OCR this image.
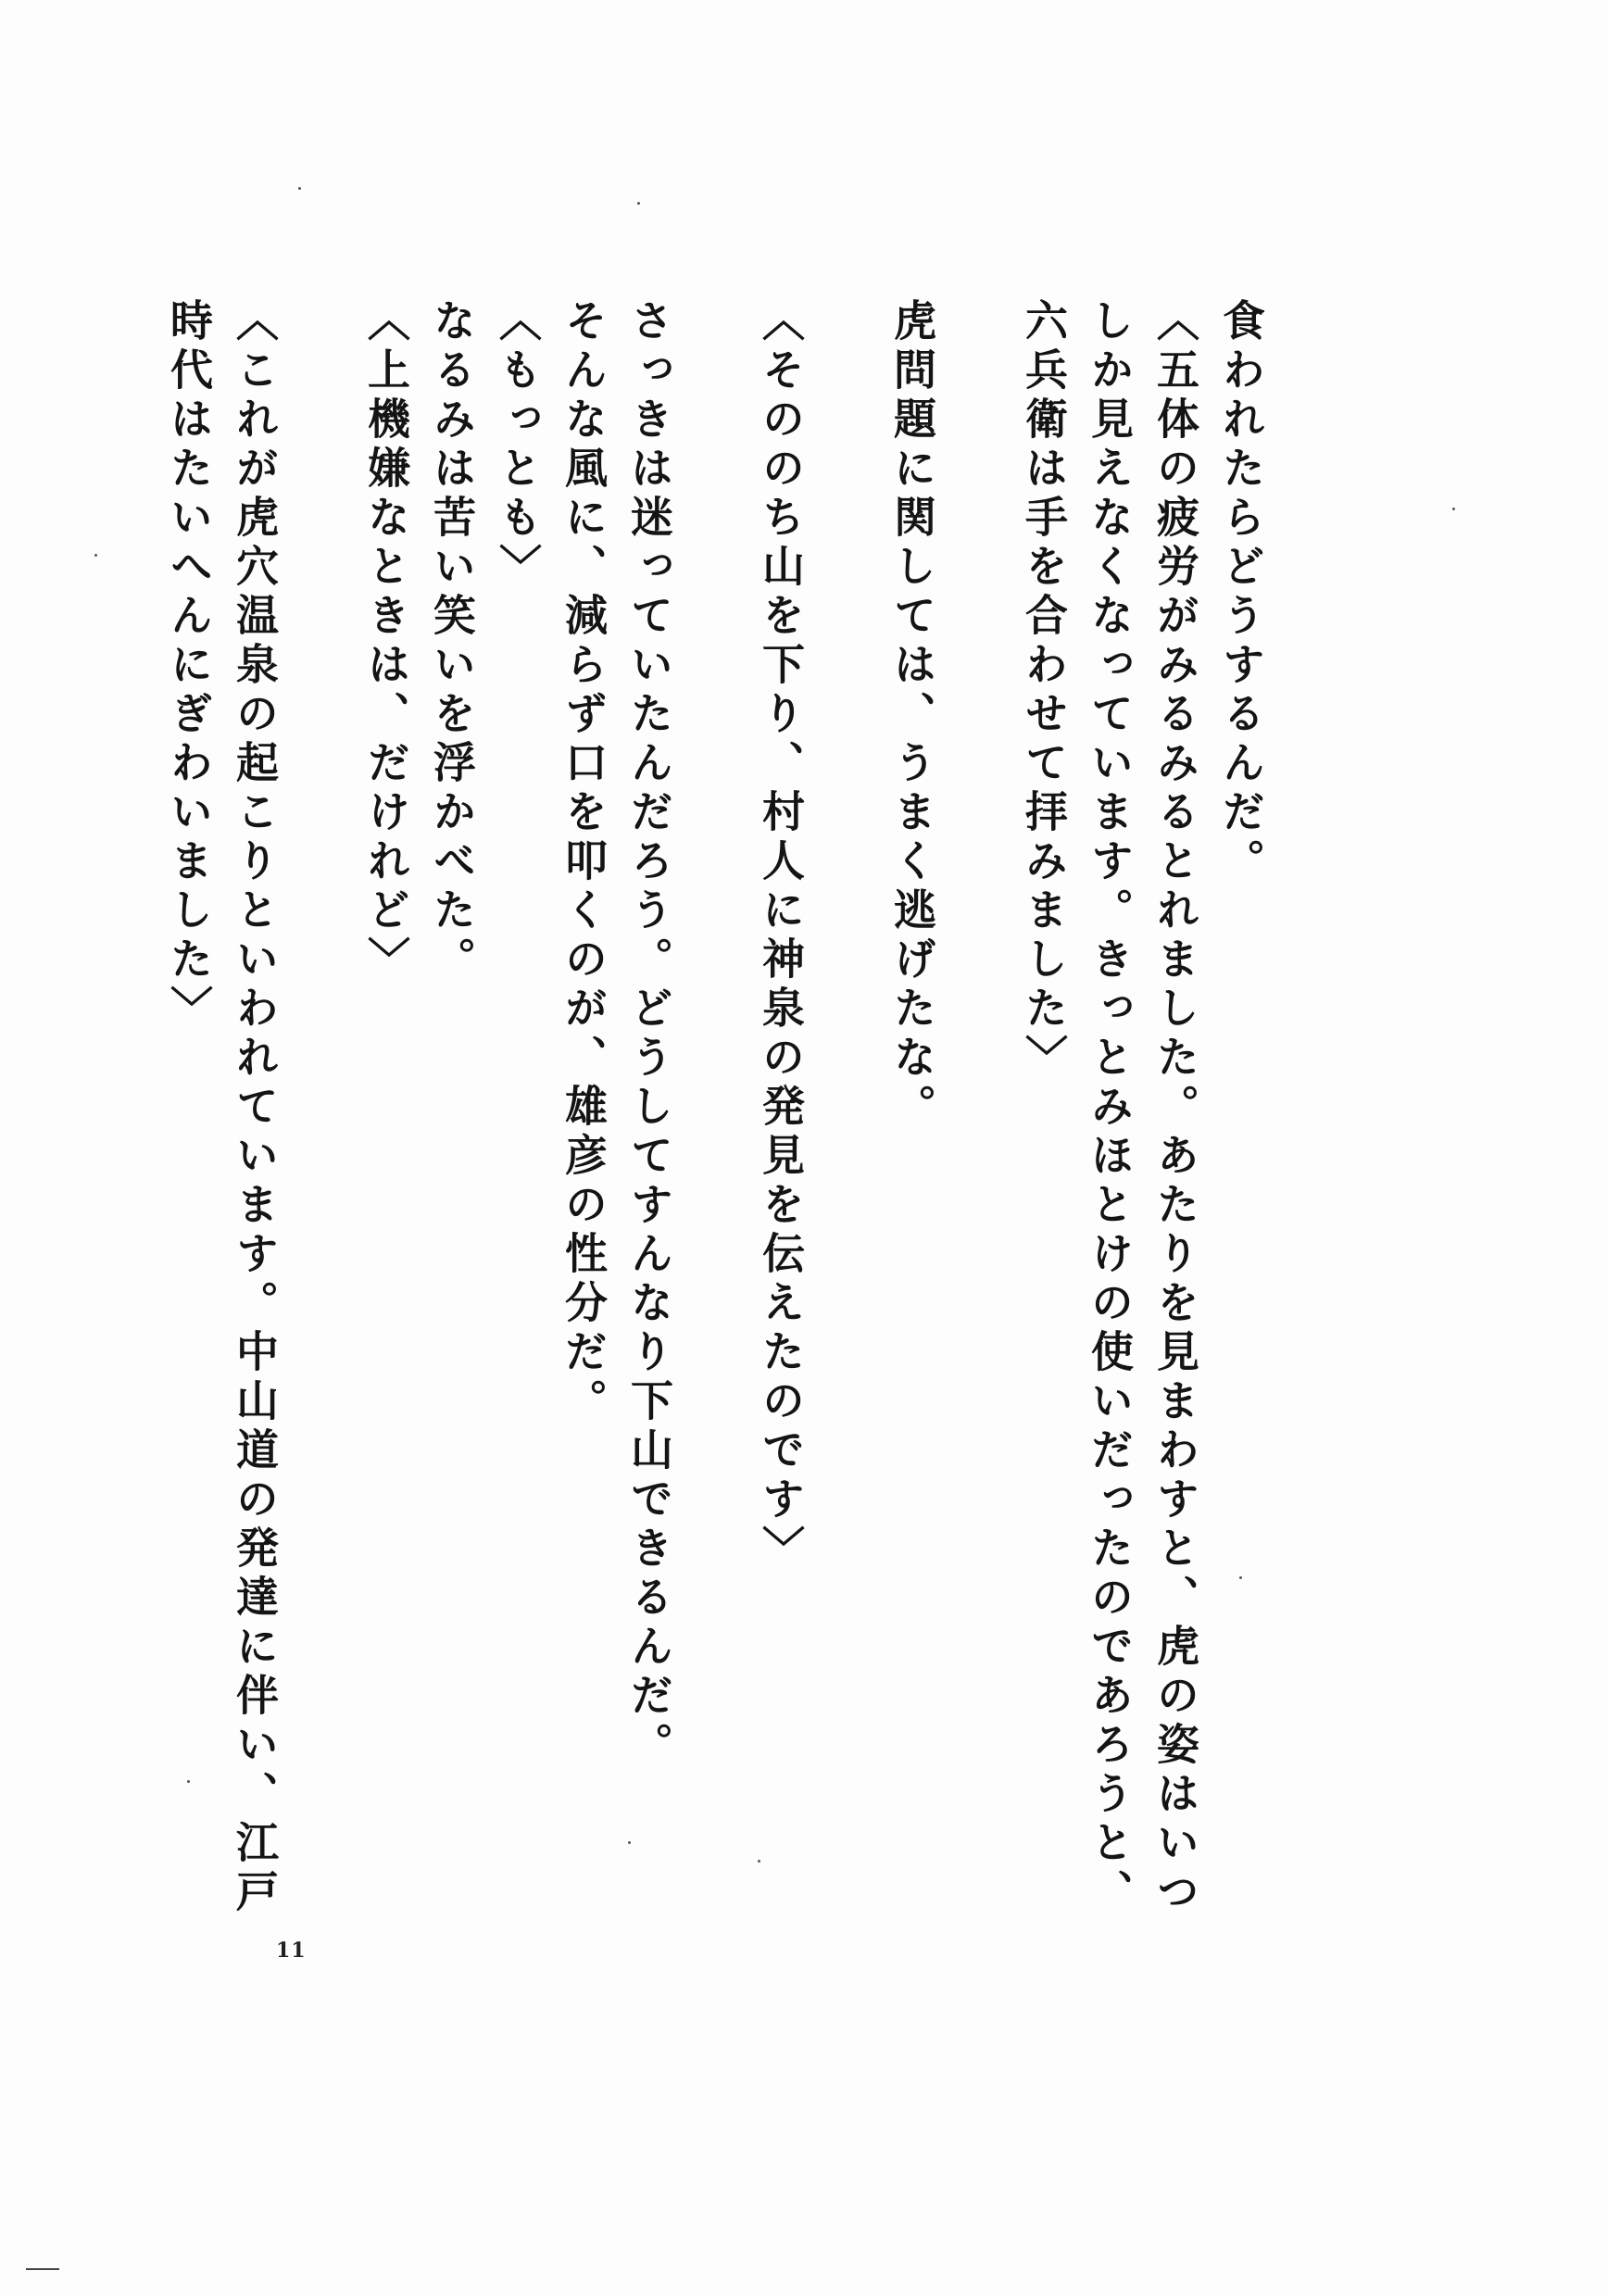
食われたらどうするんだ。

〈五体の疲労がみるみるとれました。あたりを見まわすと、虎の姿はいつしか見えなくなっています。きっとみほとけの使いだったのであろうと、六兵衛は手を合わせて拝みました〉

虎問題に関しては、うまく逃げたな。

〈そののち山を下り、村人に神泉の発見を伝えたのです〉

さっきは迷っていたんだろう。どうしてすんなり下山できるんだ。

そんな風に、減らず口を叩くのが、雄彦の性分だ。

〈もっとも〉

なるみは苦い笑いを浮かべた。

〈上機嫌なときは、だけれど〉

〈これが虎穴温泉の起こりといわれています。中山道の発達に伴い、江戸時代はたいへんにぎわいました〉

11
